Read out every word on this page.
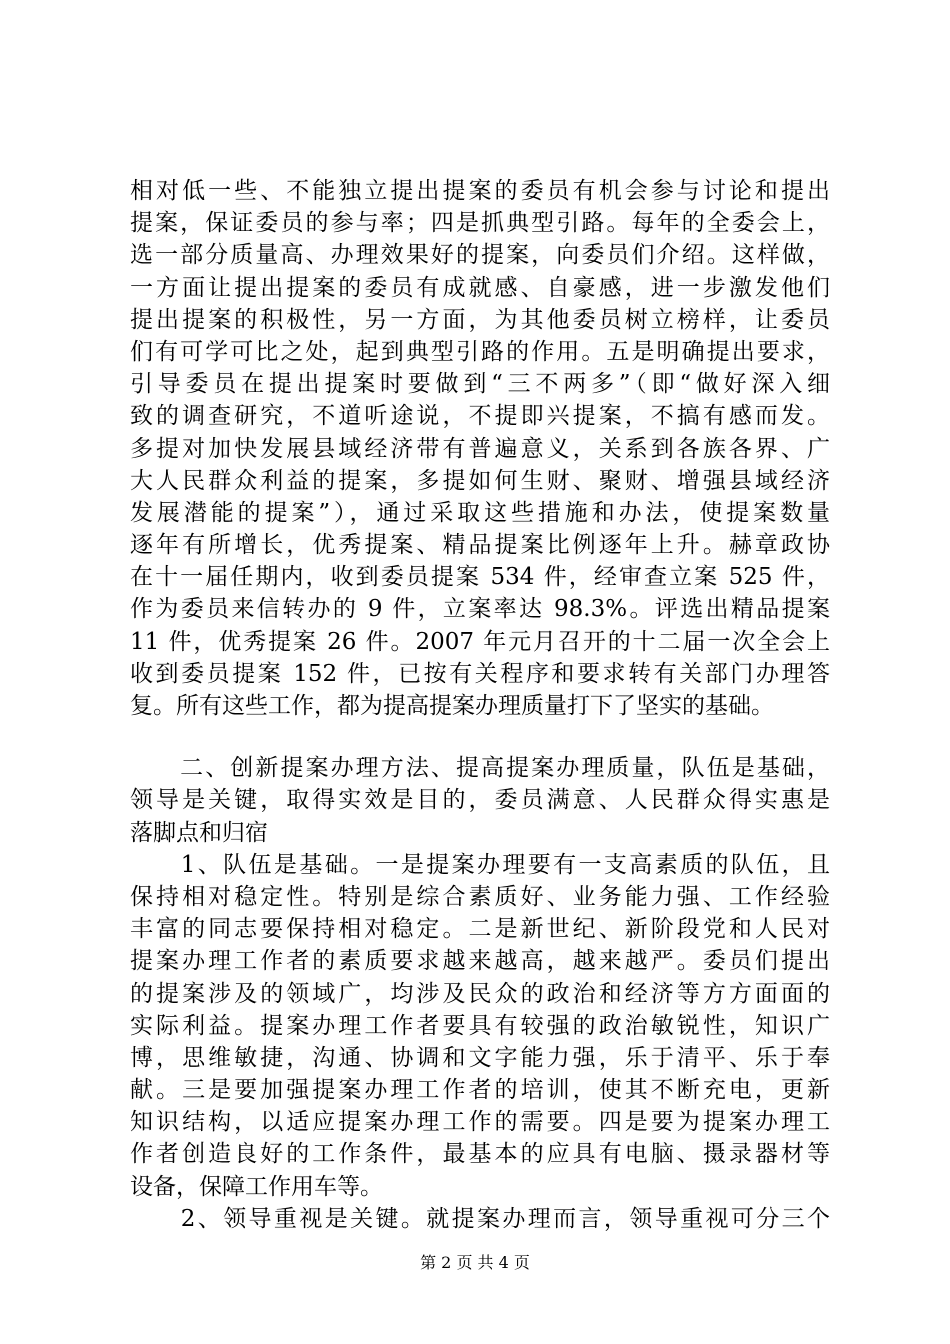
相对低一些、不能独立提出提案的委员有机会参与讨论和提出
提案，保证委员的参与率；四是抓典型引路。每年的全委会上，
选一部分质量高、办理效果好的提案，向委员们介绍。这样做，
一方面让提出提案的委员有成就感、自豪感，进一步激发他们
提出提案的积极性，另一方面，为其他委员树立榜样，让委员
们有可学可比之处，起到典型引路的作用。五是明确提出要求，
引导委员在提出提案时要做到“三不两多”（即“做好深入细
致的调查研究，不道听途说，不提即兴提案，不搞有感而发。
多提对加快发展县域经济带有普遍意义，关系到各族各界、广
大人民群众利益的提案，多提如何生财、聚财、增强县域经济
发展潜能的提案”），通过采取这些措施和办法，使提案数量
逐年有所增长，优秀提案、精品提案比例逐年上升。赫章政协
在十一届任期内，收到委员提案 534 件，经审查立案 525 件，
作为委员来信转办的 9 件，立案率达 98.3%。评选出精品提案
11 件，优秀提案 26 件。2007 年元月召开的十二届一次全会上
收到委员提案 152 件，已按有关程序和要求转有关部门办理答
复。所有这些工作，都为提高提案办理质量打下了坚实的基础。
　　二、创新提案办理方法、提高提案办理质量，队伍是基础，
领导是关键，取得实效是目的，委员满意、人民群众得实惠是
落脚点和归宿
　　1、队伍是基础。一是提案办理要有一支高素质的队伍，且
保持相对稳定性。特别是综合素质好、业务能力强、工作经验
丰富的同志要保持相对稳定。二是新世纪、新阶段党和人民对
提案办理工作者的素质要求越来越高，越来越严。委员们提出
的提案涉及的领域广，均涉及民众的政治和经济等方方面面的
实际利益。提案办理工作者要具有较强的政治敏锐性，知识广
博，思维敏捷，沟通、协调和文字能力强，乐于清平、乐于奉
献。三是要加强提案办理工作者的培训，使其不断充电，更新
知识结构，以适应提案办理工作的需要。四是要为提案办理工
作者创造良好的工作条件，最基本的应具有电脑、摄录器材等
设备，保障工作用车等。
　　2、领导重视是关键。就提案办理而言，领导重视可分三个
第 2 页 共 4 页
